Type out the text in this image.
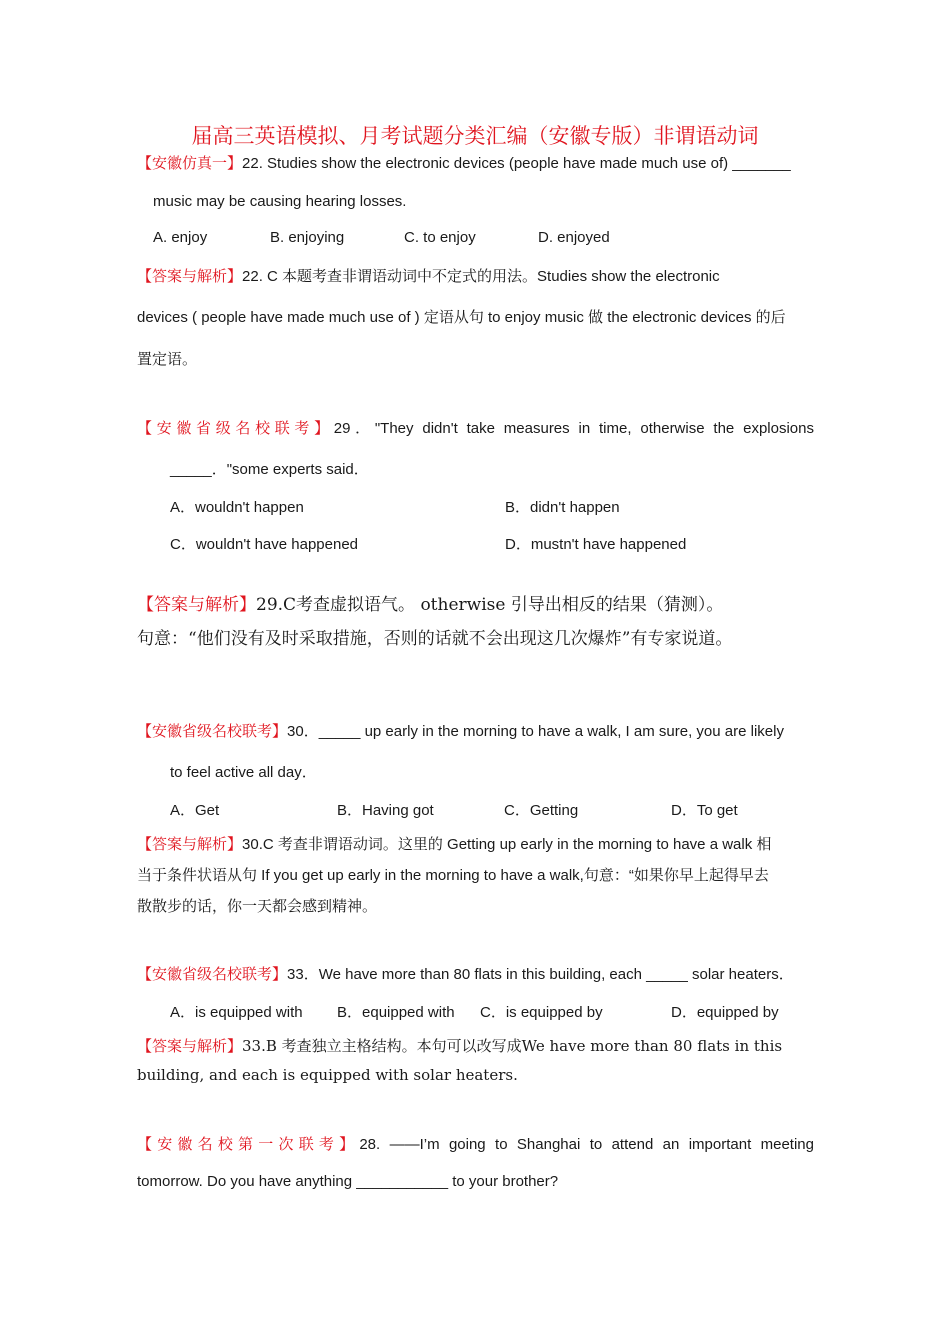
届高三英语模拟、月考试题分类汇编（安徽专版）非谓语动词
【安徽仿真一】22. Studies show the electronic devices (people have made much use of) _______
music may be causing hearing losses.
A. enjoy	B. enjoying	C. to enjoy	D. enjoyed
【答案与解析】22. C 本题考查非谓语动词中不定式的用法。Studies show the electronic
devices ( people have made much use of ) 定语从句 to enjoy music 做 the electronic devices 的后
置定语。
【安徽省级名校联考】29．"They didn't take measures in time, otherwise the explosions
_____．"some experts said．
A．wouldn't happen	B．didn't happen
C．wouldn't have happened	D．mustn't have happened
【答案与解析】29.C考查虚拟语气。 otherwise 引导出相反的结果（猜测）。
句意：“他们没有及时采取措施，否则的话就不会出现这几次爆炸”有专家说道。
【安徽省级名校联考】30．_____ up early in the morning to have a walk, I am sure, you are likely
to feel active all day．
A．Get	B．Having got	C．Getting	D．To get
【答案与解析】30.C 考查非谓语动词。这里的 Getting up early in the morning to have a walk 相
当于条件状语从句 If you get up early in the morning to have a walk,句意：“如果你早上起得早去
散散步的话，你一天都会感到精神。
【安徽省级名校联考】33．We have more than 80 flats in this building, each _____ solar heaters．
A．is equipped with B．equipped with C．is equipped by	D．equipped by
【答案与解析】33.B 考查独立主格结构。本句可以改写成We have more than 80 flats in this
building, and each is equipped with solar heaters.
【安徽名校第一次联考】28. ——I’m going to Shanghai to attend an important meeting
tomorrow. Do you have anything ___________ to your brother?
